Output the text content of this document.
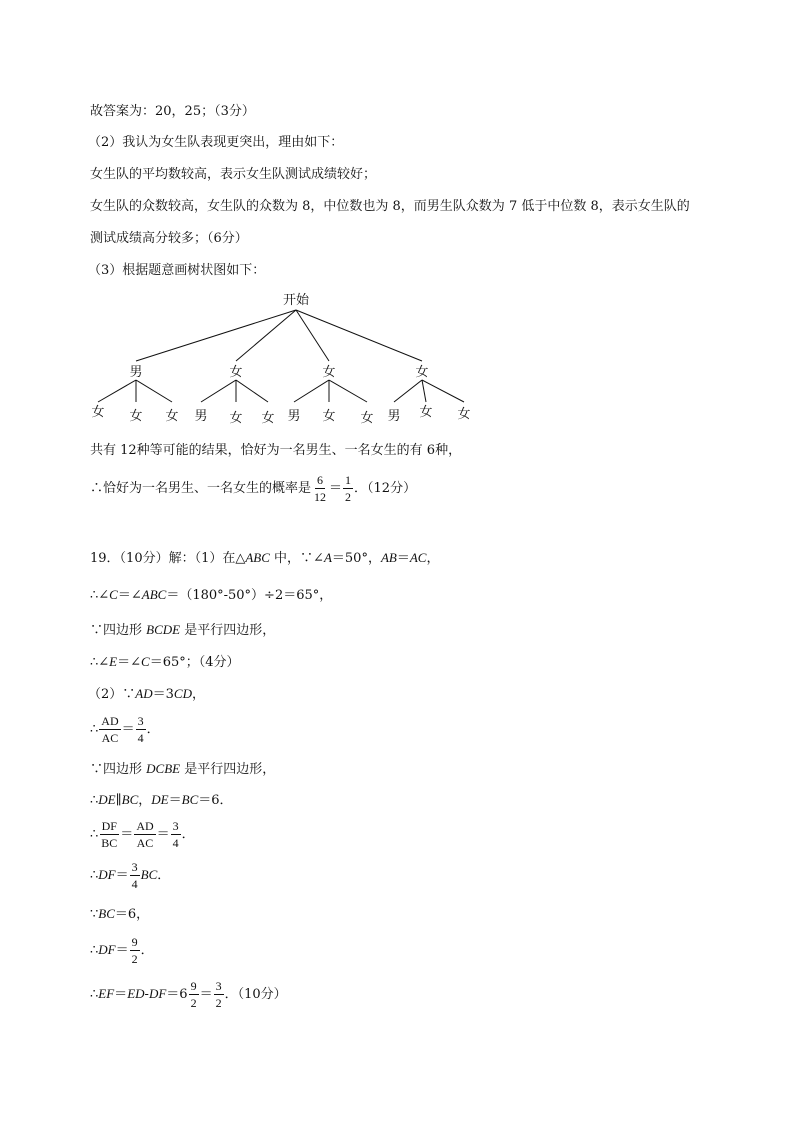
故答案为：20，25；（3分）
（2）我认为女生队表现更突出，理由如下：
女生队的平均数较高，表示女生队测试成绩较好；
女生队的众数较高，女生队的众数为 8，中位数也为 8，而男生队众数为 7 低于中位数 8，表示女生队的
测试成绩高分较多；（6分）
（3）根据题意画树状图如下：
开始
男	女	女	女
女 女 女 男 女 女 男 女 女 男 女 女
共有 12种等可能的结果，恰好为一名男生、一名女生的有 6种，
∴恰好为一名男生、一名女生的概率是 $\frac{6}{12} = \frac{1}{2}$ ．（12分）
19．（10分）解：（1）在△ABC 中，∵∠A＝50°，AB＝AC，
∴∠C＝∠ABC＝（180°-50°）÷2＝65°，
∵四边形 BCDE 是平行四边形，
∴∠E＝∠C＝65°；（4分）
（2）∵AD＝3CD，
∴ $\frac{AD}{AC} = \frac{3}{4}$ ．
∵四边形 DCBE 是平行四边形，
∴DE∥BC，DE＝BC＝6．
∴ $\frac{DF}{BC} = \frac{AD}{AC} = \frac{3}{4}$ ．
∴DF＝ $\frac{3}{4}$ BC．
∵BC＝6，
∴DF＝ $\frac{9}{2}$ ．
∴EF＝ED-DF＝6 $\frac{9}{2} = \frac{3}{2}$ ．（10分）
